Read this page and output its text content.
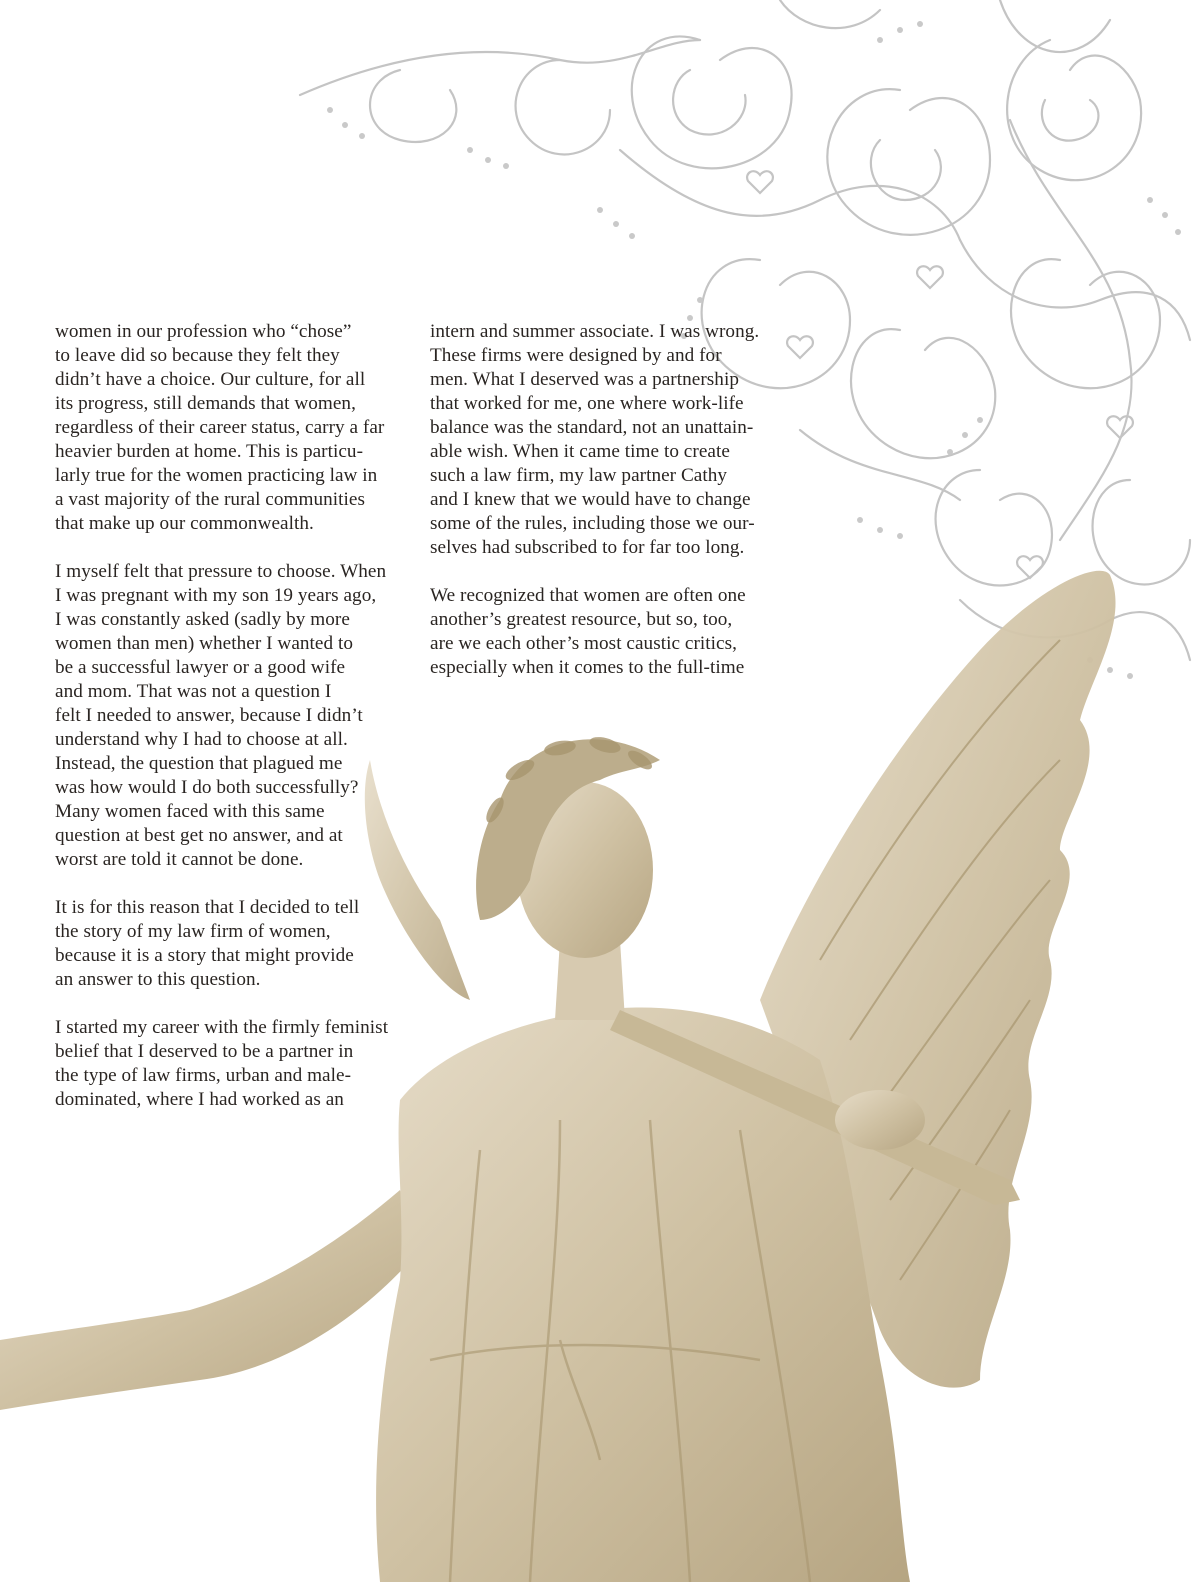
women in our profession who “chose”
to leave did so because they felt they
didn’t have a choice. Our culture, for all
its progress, still demands that women,
regardless of their career status, carry a far
heavier burden at home. This is particu-
larly true for the women practicing law in
a vast majority of the rural communities
that make up our commonwealth.

I myself felt that pressure to choose. When
I was pregnant with my son 19 years ago,
I was constantly asked (sadly by more
women than men) whether I wanted to
be a successful lawyer or a good wife
and mom. That was not a question I
felt I needed to answer, because I didn’t
understand why I had to choose at all.
Instead, the question that plagued me
was how would I do both successfully?
Many women faced with this same
question at best get no answer, and at
worst are told it cannot be done.

It is for this reason that I decided to tell
the story of my law firm of women,
because it is a story that might provide
an answer to this question.

I started my career with the firmly feminist
belief that I deserved to be a partner in
the type of law firms, urban and male-
dominated, where I had worked as an

intern and summer associate. I was wrong.
These firms were designed by and for
men. What I deserved was a partnership
that worked for me, one where work-life
balance was the standard, not an unattain-
able wish. When it came time to create
such a law firm, my law partner Cathy
and I knew that we would have to change
some of the rules, including those we our-
selves had subscribed to for far too long.

We recognized that women are often one
another’s greatest resource, but so, too,
are we each other’s most caustic critics,
especially when it comes to the full-time
